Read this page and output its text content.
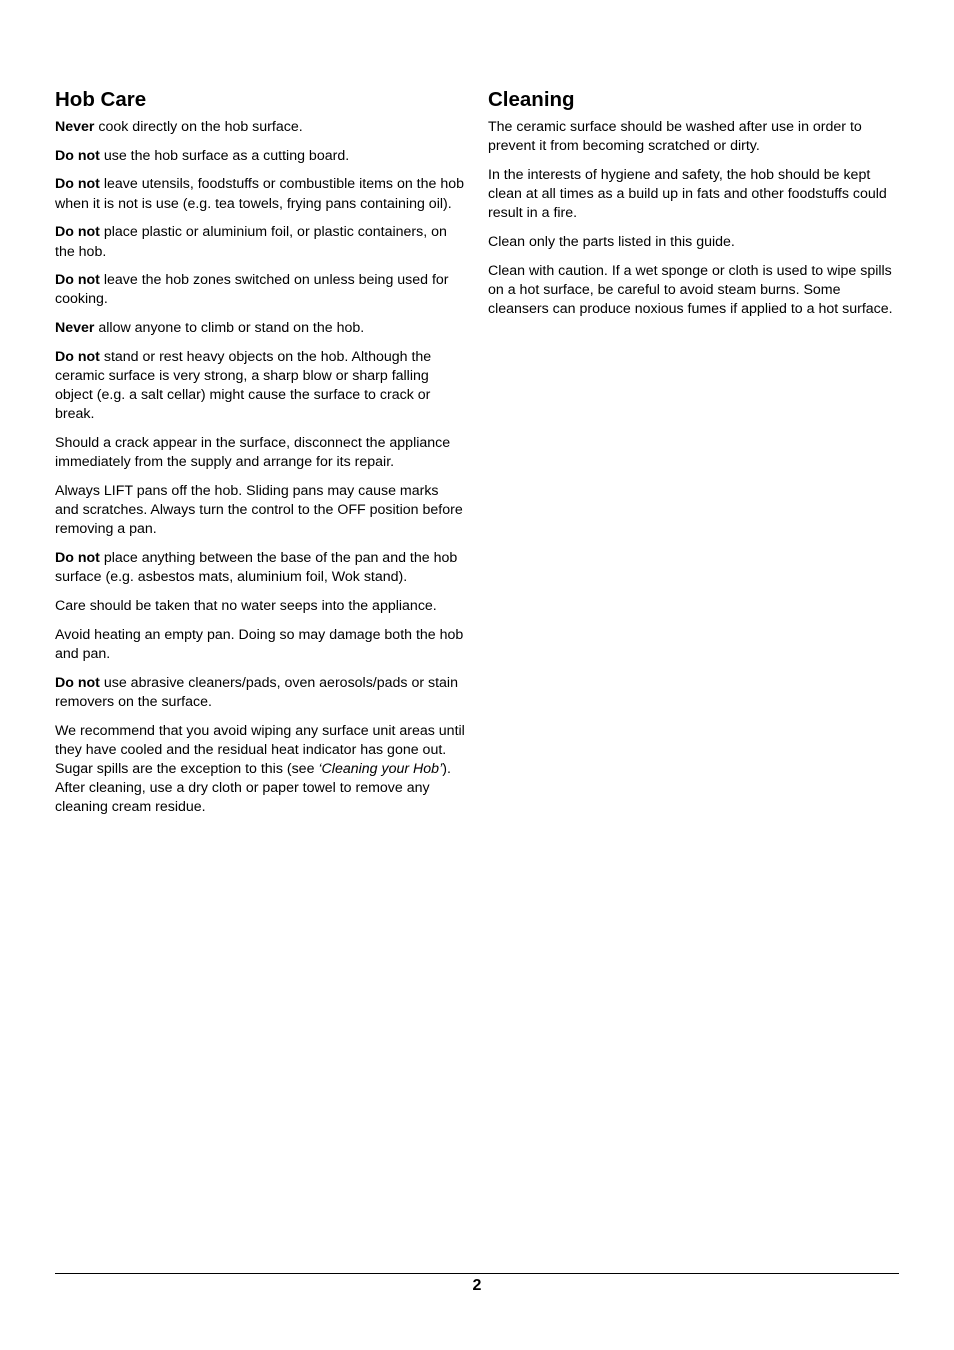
Hob Care

Never cook directly on the hob surface.

Do not use the hob surface as a cutting board.

Do not leave utensils, foodstuffs or combustible items on the hob when it is not is use (e.g. tea towels, frying pans containing oil).

Do not place plastic or aluminium foil, or plastic containers, on the hob.

Do not leave the hob zones switched on unless being used for cooking.

Never allow anyone to climb or stand on the hob.

Do not stand or rest heavy objects on the hob. Although the ceramic surface is very strong, a sharp blow or sharp falling object (e.g. a salt cellar) might cause the surface to crack or break.

Should a crack appear in the surface, disconnect the appliance immediately from the supply and arrange for its repair.

Always LIFT pans off the hob. Sliding pans may cause marks and scratches. Always turn the control to the OFF position before removing a pan.

Do not place anything between the base of the pan and the hob surface (e.g. asbestos mats, aluminium foil, Wok stand).

Care should be taken that no water seeps into the appliance.

Avoid heating an empty pan. Doing so may damage both the hob and pan.

Do not use abrasive cleaners/pads, oven aerosols/pads or stain removers on the surface.

We recommend that you avoid wiping any surface unit areas until they have cooled and the residual heat indicator has gone out. Sugar spills are the exception to this (see ‘Cleaning your Hob’). After cleaning, use a dry cloth or paper towel to remove any cleaning cream residue.

Cleaning

The ceramic surface should be washed after use in order to prevent it from becoming scratched or dirty.

In the interests of hygiene and safety, the hob should be kept clean at all times as a build up in fats and other foodstuffs could result in a fire.

Clean only the parts listed in this guide.

Clean with caution. If a wet sponge or cloth is used to wipe spills on a hot surface, be careful to avoid steam burns. Some cleansers can produce noxious fumes if applied to a hot surface.

2
